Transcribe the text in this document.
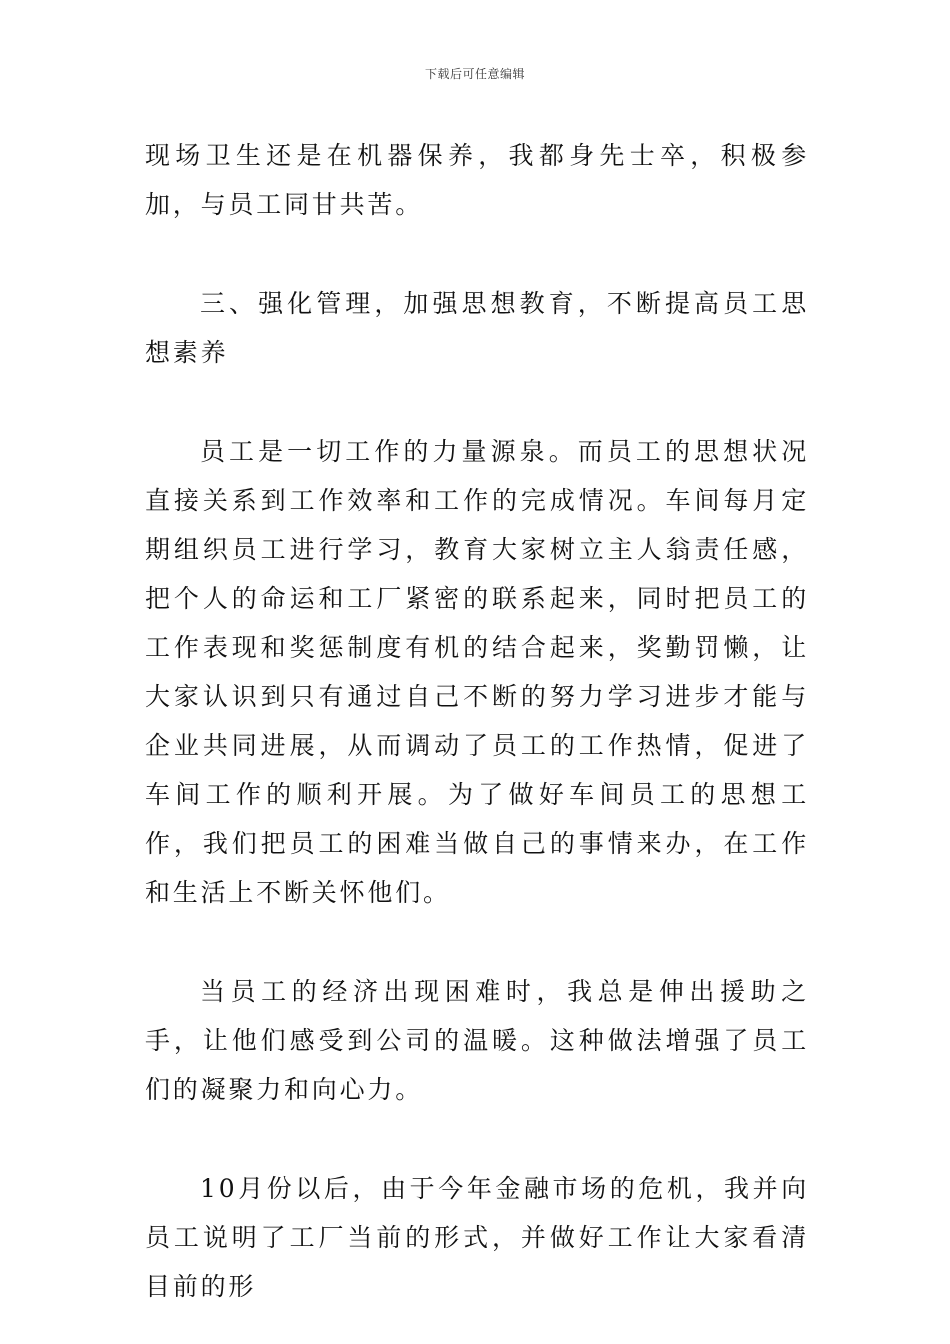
下载后可任意编辑

现场卫生还是在机器保养，我都身先士卒，积极参加，与员工同甘共苦。

三、强化管理，加强思想教育，不断提高员工思想素养

员工是一切工作的力量源泉。而员工的思想状况直接关系到工作效率和工作的完成情况。车间每月定期组织员工进行学习，教育大家树立主人翁责任感，把个人的命运和工厂紧密的联系起来，同时把员工的工作表现和奖惩制度有机的结合起来，奖勤罚懒，让大家认识到只有通过自己不断的努力学习进步才能与企业共同进展，从而调动了员工的工作热情，促进了车间工作的顺利开展。为了做好车间员工的思想工作，我们把员工的困难当做自己的事情来办，在工作和生活上不断关怀他们。

当员工的经济出现困难时，我总是伸出援助之手，让他们感受到公司的温暖。这种做法增强了员工们的凝聚力和向心力。

10月份以后，由于今年金融市场的危机，我并向员工说明了工厂当前的形式，并做好工作让大家看清目前的形
